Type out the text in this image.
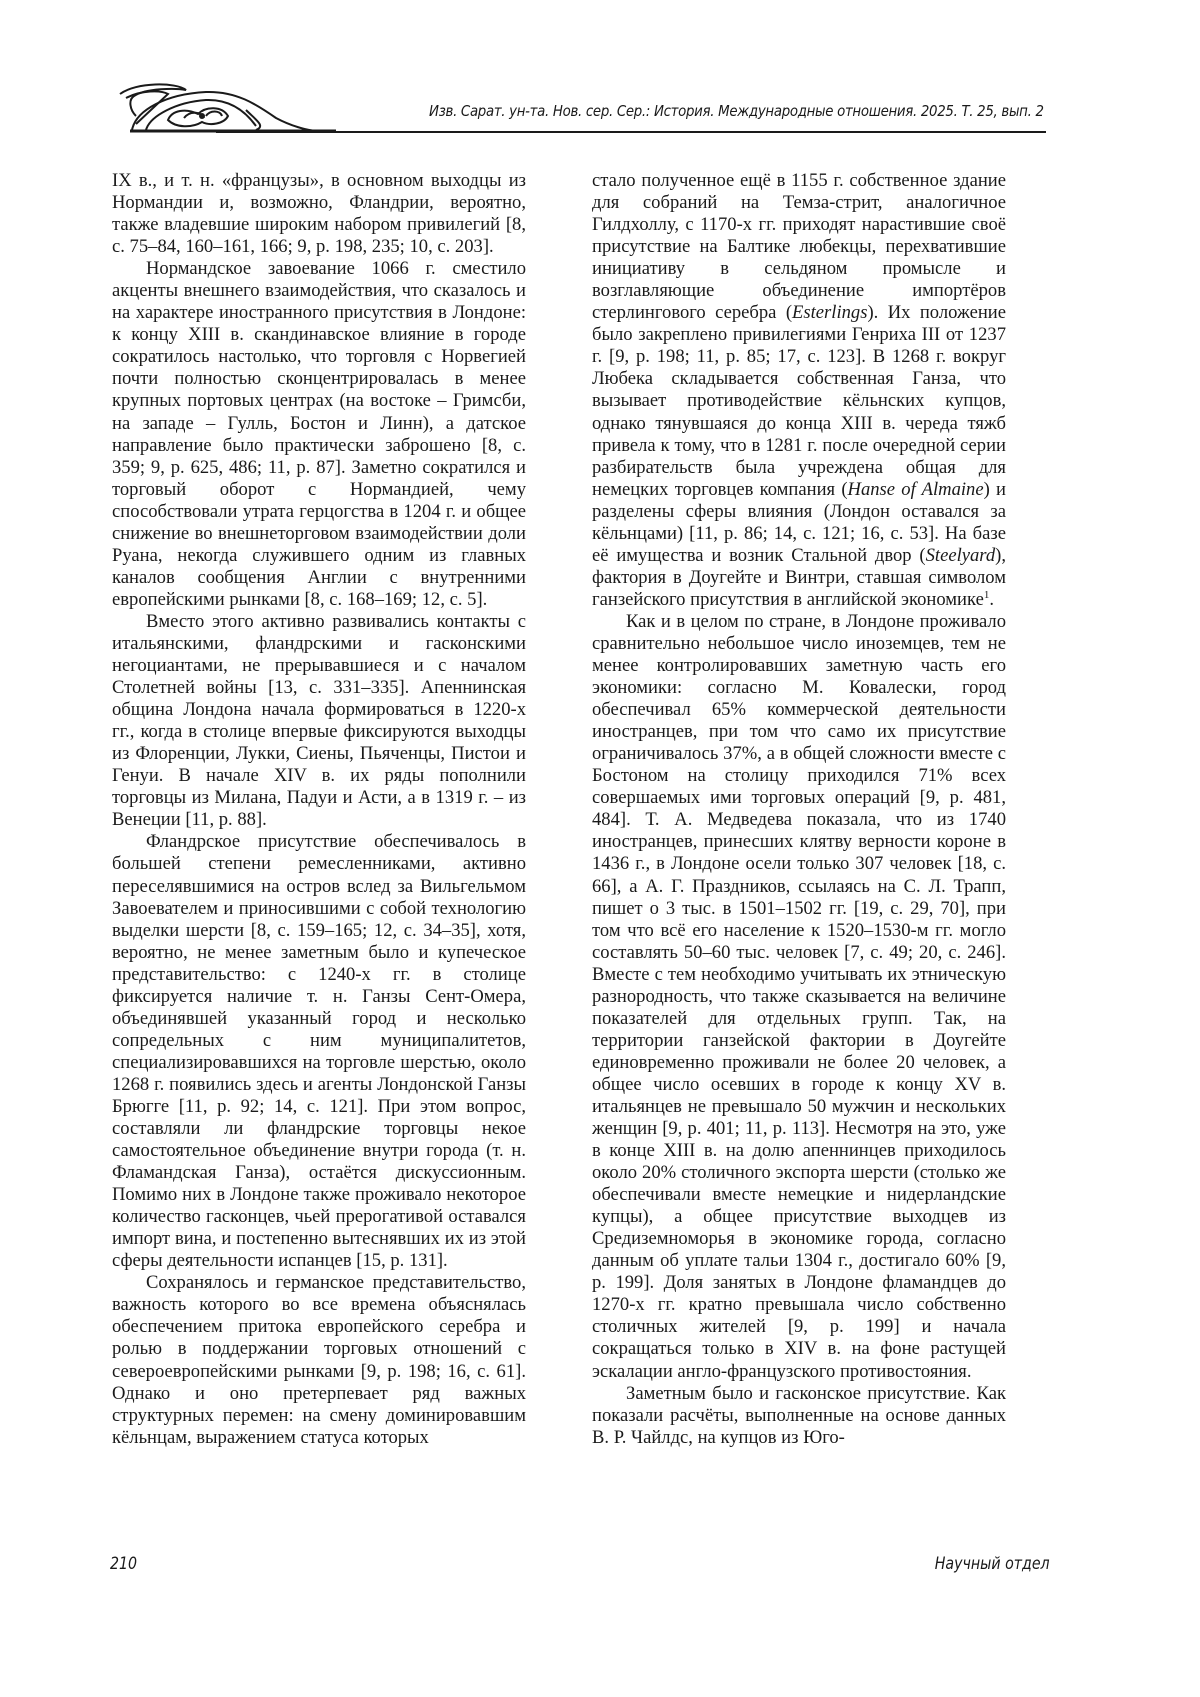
Изв. Сарат. ун-та. Нов. сер. Сер.: История. Международные отношения. 2025. Т. 25, вып. 2

IX в., и т. н. «французы», в основном выходцы из Нормандии и, возможно, Фландрии, вероятно, также владевшие широким набором привилегий [8, с. 75–84, 160–161, 166; 9, p. 198, 235; 10, с. 203].

Нормандское завоевание 1066 г. сместило акценты внешнего взаимодействия, что сказалось и на характере иностранного присутствия в Лондоне: к концу XIII в. скандинавское влияние в городе сократилось настолько, что торговля с Норвегией почти полностью сконцентрировалась в менее крупных портовых центрах (на востоке – Гримсби, на западе – Гулль, Бостон и Линн), а датское направление было практически заброшено [8, с. 359; 9, p. 625, 486; 11, p. 87]. Заметно сократился и торговый оборот с Нормандией, чему способствовали утрата герцогства в 1204 г. и общее снижение во внешнеторговом взаимодействии доли Руана, некогда служившего одним из главных каналов сообщения Англии с внутренними европейскими рынками [8, с. 168–169; 12, с. 5].

Вместо этого активно развивались контакты с итальянскими, фландрскими и гасконскими негоциантами, не прерывавшиеся и с началом Столетней войны [13, с. 331–335]. Апеннинская община Лондона начала формироваться в 1220-х гг., когда в столице впервые фиксируются выходцы из Флоренции, Лукки, Сиены, Пьяченцы, Пистои и Генуи. В начале XIV в. их ряды пополнили торговцы из Милана, Падуи и Асти, а в 1319 г. – из Венеции [11, p. 88].

Фландрское присутствие обеспечивалось в большей степени ремесленниками, активно переселявшимися на остров вслед за Вильгельмом Завоевателем и приносившими с собой технологию выделки шерсти [8, с. 159–165; 12, с. 34–35], хотя, вероятно, не менее заметным было и купеческое представительство: с 1240-х гг. в столице фиксируется наличие т. н. Ганзы Сент-Омера, объединявшей указанный город и несколько сопредельных с ним муниципалитетов, специализировавшихся на торговле шерстью, около 1268 г. появились здесь и агенты Лондонской Ганзы Брюгге [11, p. 92; 14, с. 121]. При этом вопрос, составляли ли фландрские торговцы некое самостоятельное объединение внутри города (т. н. Фламандская Ганза), остаётся дискуссионным. Помимо них в Лондоне также проживало некоторое количество гасконцев, чьей прерогативой оставался импорт вина, и постепенно вытеснявших их из этой сферы деятельности испанцев [15, p. 131].

Сохранялось и германское представительство, важность которого во все времена объяснялась обеспечением притока европейского серебра и ролью в поддержании торговых отношений с североевропейскими рынками [9, p. 198; 16, с. 61]. Однако и оно претерпевает ряд важных структурных перемен: на смену доминировавшим кёльнцам, выражением статуса которых

стало полученное ещё в 1155 г. собственное здание для собраний на Темза-стрит, аналогичное Гилдхоллу, с 1170-х гг. приходят нарастившие своё присутствие на Балтике любекцы, перехватившие инициативу в сельдяном промысле и возглавляющие объединение импортёров стерлингового серебра (Esterlings). Их положение было закреплено привилегиями Генриха III от 1237 г. [9, p. 198; 11, p. 85; 17, с. 123]. В 1268 г. вокруг Любека складывается собственная Ганза, что вызывает противодействие кёльнских купцов, однако тянувшаяся до конца XIII в. череда тяжб привела к тому, что в 1281 г. после очередной серии разбирательств была учреждена общая для немецких торговцев компания (Hanse of Almaine) и разделены сферы влияния (Лондон оставался за кёльнцами) [11, p. 86; 14, с. 121; 16, с. 53]. На базе её имущества и возник Стальной двор (Steelyard), фактория в Доугейте и Винтри, ставшая символом ганзейского присутствия в английской экономике$^1$.

Как и в целом по стране, в Лондоне проживало сравнительно небольшое число иноземцев, тем не менее контролировавших заметную часть его экономики: согласно М. Ковалески, город обеспечивал 65% коммерческой деятельности иностранцев, при том что само их присутствие ограничивалось 37%, а в общей сложности вместе с Бостоном на столицу приходился 71% всех совершаемых ими торговых операций [9, p. 481, 484]. Т. А. Медведева показала, что из 1740 иностранцев, принесших клятву верности короне в 1436 г., в Лондоне осели только 307 человек [18, с. 66], а А. Г. Праздников, ссылаясь на С. Л. Трапп, пишет о 3 тыс. в 1501–1502 гг. [19, с. 29, 70], при том что всё его население к 1520–1530-м гг. могло составлять 50–60 тыс. человек [7, с. 49; 20, с. 246]. Вместе с тем необходимо учитывать их этническую разнородность, что также сказывается на величине показателей для отдельных групп. Так, на территории ганзейской фактории в Доугейте единовременно проживали не более 20 человек, а общее число осевших в городе к концу XV в. итальянцев не превышало 50 мужчин и нескольких женщин [9, p. 401; 11, p. 113]. Несмотря на это, уже в конце XIII в. на долю апеннинцев приходилось около 20% столичного экспорта шерсти (столько же обеспечивали вместе немецкие и нидерландские купцы), а общее присутствие выходцев из Средиземноморья в экономике города, согласно данным об уплате тальи 1304 г., достигало 60% [9, p. 199]. Доля занятых в Лондоне фламандцев до 1270-х гг. кратно превышала число собственно столичных жителей [9, p. 199] и начала сокращаться только в XIV в. на фоне растущей эскалации англо-французского противостояния.

Заметным было и гасконское присутствие. Как показали расчёты, выполненные на основе данных В. Р. Чайлдс, на купцов из Юго-

210	Научный отдел
